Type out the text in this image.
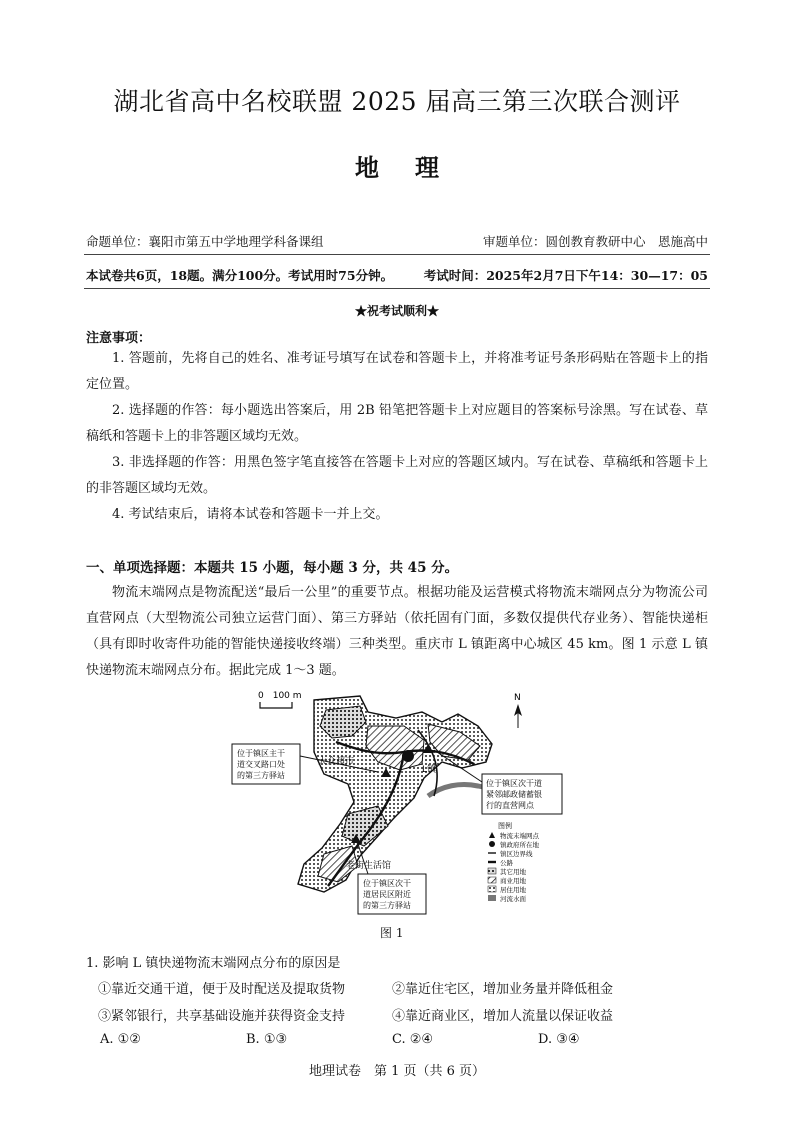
湖北省高中名校联盟 2025 届高三第三次联合测评
地理
命题单位：襄阳市第五中学地理学科备课组	审题单位：圆创教育教研中心　恩施高中
本试卷共6页，18题。满分100分。考试用时75分钟。 考试时间：2025年2月7日下午14：30—17：05
★祝考试顺利★
注意事项：
1. 答题前，先将自己的姓名、准考证号填写在试卷和答题卡上，并将准考证号条形码贴在答题卡上的指定位置。
2. 选择题的作答：每小题选出答案后，用 2B 铅笔把答题卡上对应题目的答案标号涂黑。写在试卷、草稿纸和答题卡上的非答题区域均无效。
3. 非选择题的作答：用黑色签字笔直接答在答题卡上对应的答题区域内。写在试卷、草稿纸和答题卡上的非答题区域均无效。
4. 考试结束后，请将本试卷和答题卡一并上交。
一、单项选择题：本题共 15 小题，每小题 3 分，共 45 分。
物流末端网点是物流配送“最后一公里”的重要节点。根据功能及运营模式将物流末端网点分为物流公司直营网点（大型物流公司独立运营门面）、第三方驿站（依托固有门面，多数仅提供代存业务）、智能快递柜（具有即时收寄件功能的智能快递接收终端）三种类型。重庆市 L 镇距离中心城区 45 km。图 1 示意 L 镇快递物流末端网点分布。据此完成 1～3 题。
0　100 m	N
大众超市
L镇
老街生活馆
位于镇区主干
道交叉路口处
的第三方驿站
位于镇区次干道
紧邻邮政储蓄银
行的直营网点
位于镇区次干
道居民区附近
的第三方驿站
图例
物流末端网点
镇政府所在地
镇区边界线
公路
其它用地
商业用地
居住用地
河流水面
图 1
1. 影响 L 镇快递物流末端网点分布的原因是
①靠近交通干道，便于及时配送及提取货物	②靠近住宅区，增加业务量并降低租金
③紧邻银行，共享基础设施并获得资金支持	④靠近商业区，增加人流量以保证收益
A. ①②	B. ①③	C. ②④	D. ③④
地理试卷　第 1 页（共 6 页）
